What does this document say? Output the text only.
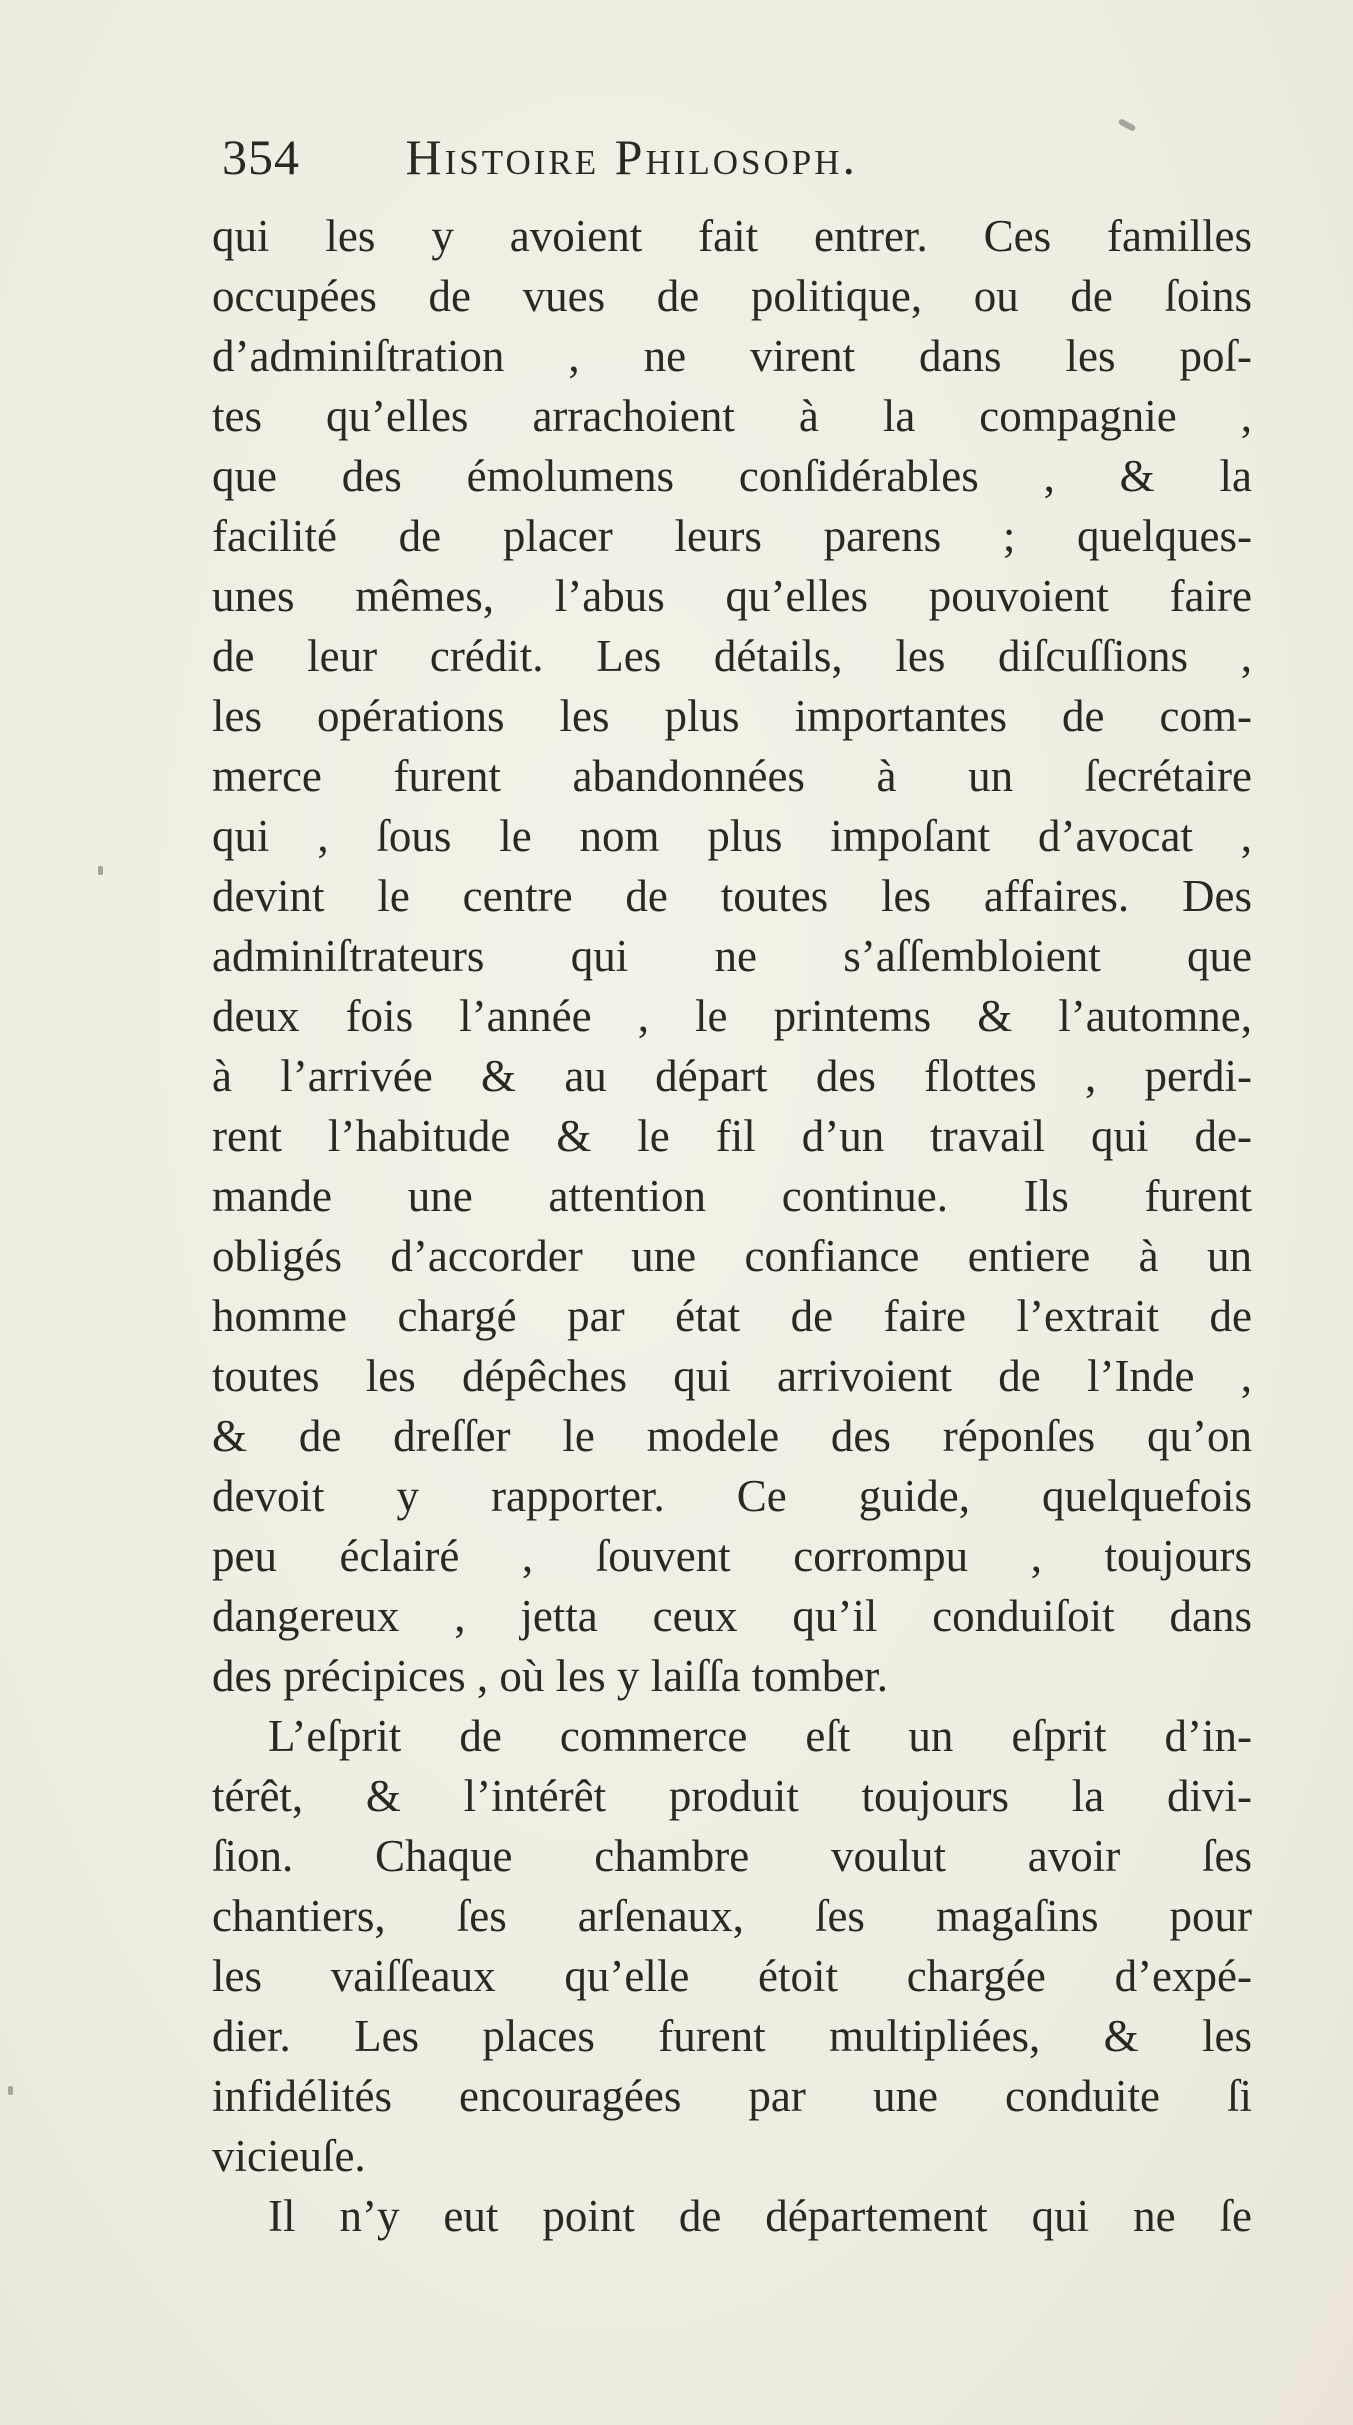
354 Histoire Philosoph.
qui les y avoient fait entrer. Ces familles
occupées de vues de politique, ou de ſoins
d’adminiſtration , ne virent dans les poſ-
tes qu’elles arrachoient à la compagnie ,
que des émolumens conſidérables , & la
facilité de placer leurs parens ; quelques-
unes mêmes, l’abus qu’elles pouvoient faire
de leur crédit. Les détails, les diſcuſſions ,
les opérations les plus importantes de com-
merce furent abandonnées à un ſecrétaire
qui , ſous le nom plus impoſant d’avocat ,
devint le centre de toutes les affaires. Des
adminiſtrateurs qui ne s’aſſembloient que
deux fois l’année , le printems & l’automne,
à l’arrivée & au départ des flottes , perdi-
rent l’habitude & le fil d’un travail qui de-
mande une attention continue. Ils furent
obligés d’accorder une confiance entiere à un
homme chargé par état de faire l’extrait de
toutes les dépêches qui arrivoient de l’Inde ,
& de dreſſer le modele des réponſes qu’on
devoit y rapporter. Ce guide, quelquefois
peu éclairé , ſouvent corrompu , toujours
dangereux , jetta ceux qu’il conduiſoit dans
des précipices , où les y laiſſa tomber.
L’eſprit de commerce eſt un eſprit d’in-
térêt, & l’intérêt produit toujours la divi-
ſion. Chaque chambre voulut avoir ſes
chantiers, ſes arſenaux, ſes magaſins pour
les vaiſſeaux qu’elle étoit chargée d’expé-
dier. Les places furent multipliées, & les
infidélités encouragées par une conduite ſi
vicieuſe.
Il n’y eut point de département qui ne ſe
